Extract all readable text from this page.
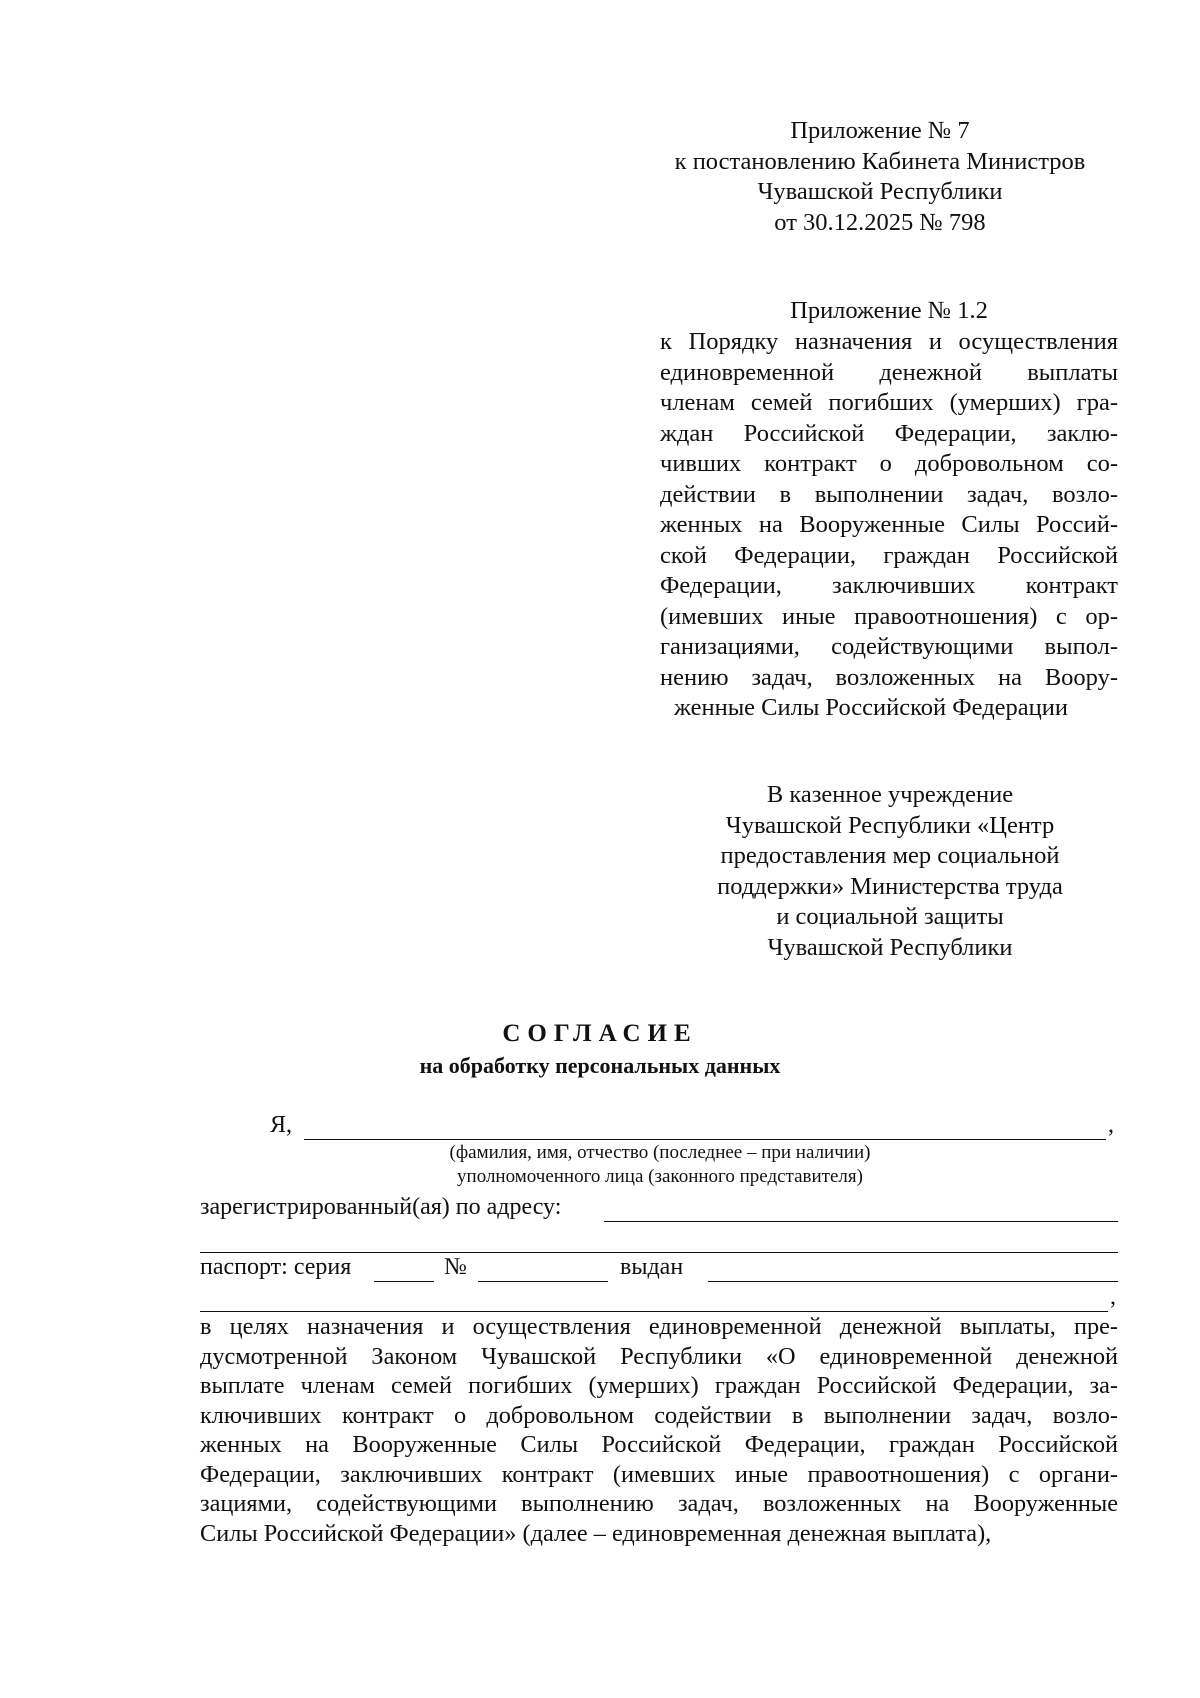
Приложение № 7
к постановлению Кабинета Министров
Чувашской Республики
от 30.12.2025 № 798
Приложение № 1.2
к Порядку назначения и осуществления
единовременной денежной выплаты
членам семей погибших (умерших) гра-
ждан Российской Федерации, заклю-
чивших контракт о добровольном со-
действии в выполнении задач, возло-
женных на Вооруженные Силы Россий-
ской Федерации, граждан Российской
Федерации, заключивших контракт
(имевших иные правоотношения) с ор-
ганизациями, содействующими выпол-
нению задач, возложенных на Воору-
женные Силы Российской Федерации
В казенное учреждение
Чувашской Республики «Центр
предоставления мер социальной
поддержки» Министерства труда
и социальной защиты
Чувашской Республики
СОГЛАСИЕ
на обработку персональных данных
Я,	,
(фамилия, имя, отчество (последнее – при наличии)
уполномоченного лица (законного представителя)
зарегистрированный(ая) по адресу:
паспорт: серия	№	выдан
,
в целях назначения и осуществления единовременной денежной выплаты, пре-
дусмотренной Законом Чувашской Республики «О единовременной денежной
выплате членам семей погибших (умерших) граждан Российской Федерации, за-
ключивших контракт о добровольном содействии в выполнении задач, возло-
женных на Вооруженные Силы Российской Федерации, граждан Российской
Федерации, заключивших контракт (имевших иные правоотношения) с органи-
зациями, содействующими выполнению задач, возложенных на Вооруженные
Силы Российской Федерации» (далее – единовременная денежная выплата),
